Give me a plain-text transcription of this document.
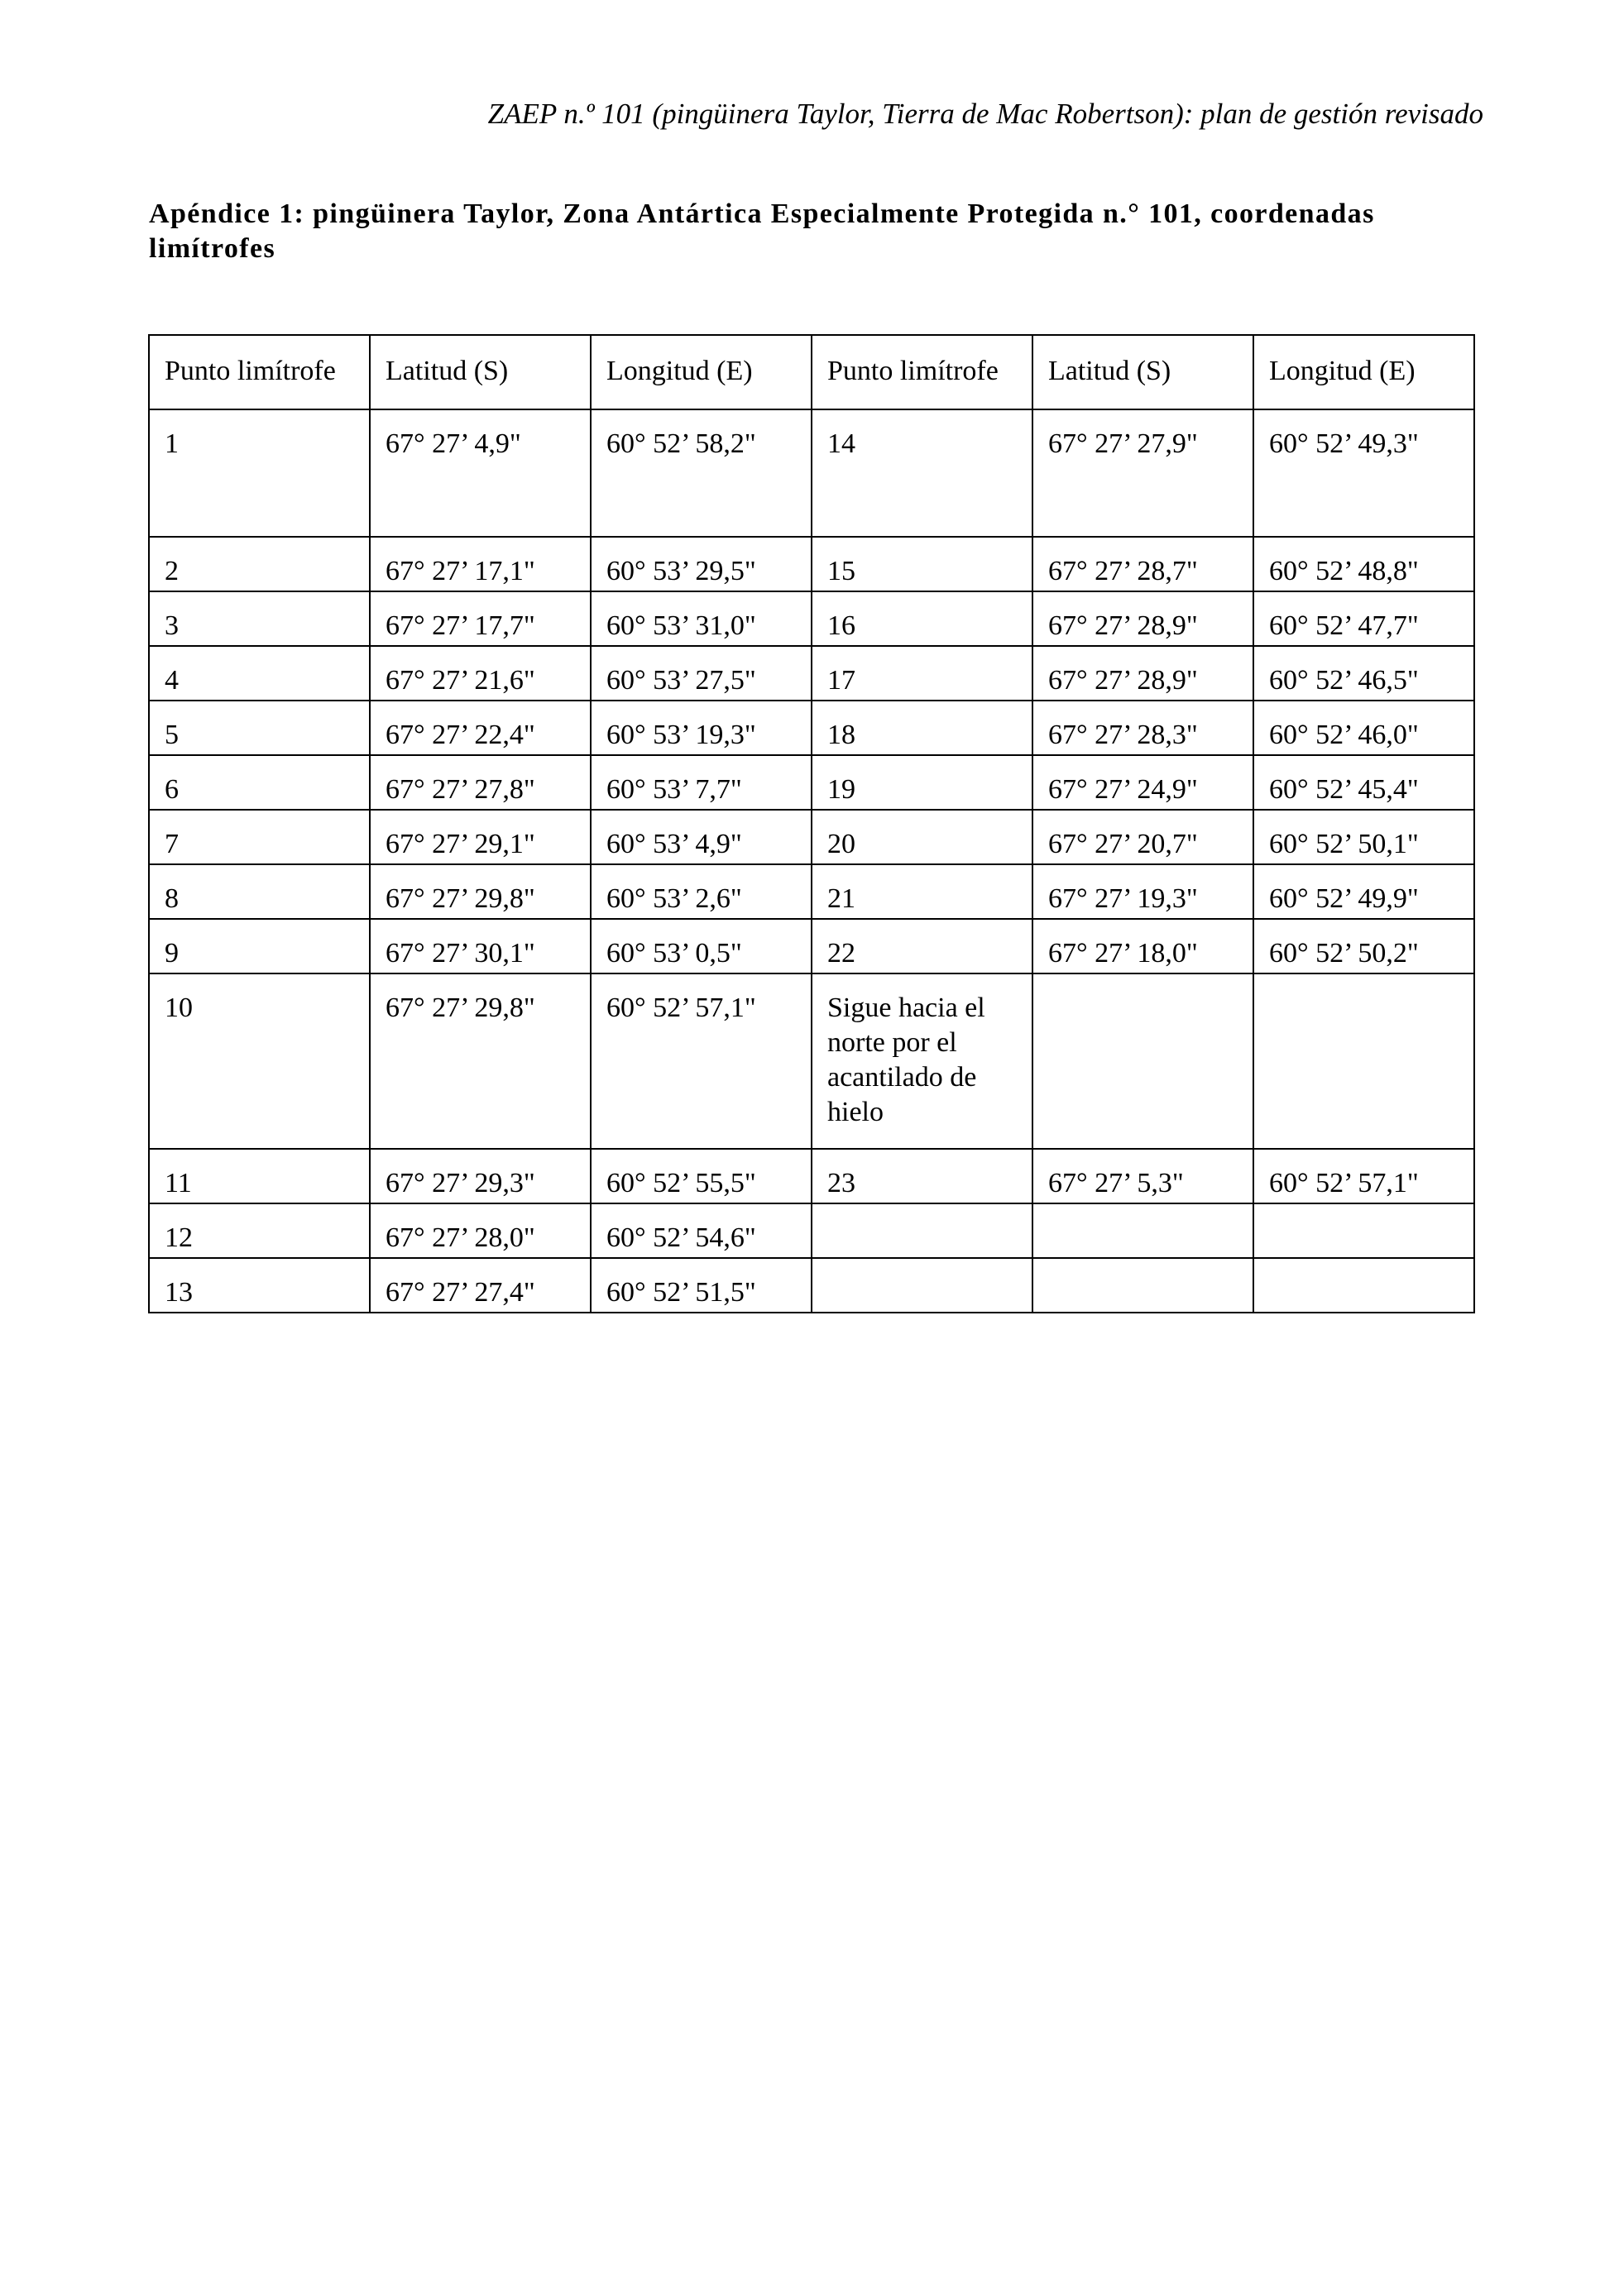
ZAEP n.º 101 (pingüinera Taylor, Tierra de Mac Robertson): plan de gestión revisado
Apéndice 1: pingüinera Taylor, Zona Antártica Especialmente Protegida n.° 101, coordenadas limítrofes
Punto limítrofe	Latitud (S)	Longitud (E)	Punto limítrofe	Latitud (S)	Longitud (E)
1	67° 27’ 4,9"	60° 52’ 58,2"	14	67° 27’ 27,9"	60° 52’ 49,3"
2	67° 27’ 17,1"	60° 53’ 29,5"	15	67° 27’ 28,7"	60° 52’ 48,8"
3	67° 27’ 17,7"	60° 53’ 31,0"	16	67° 27’ 28,9"	60° 52’ 47,7"
4	67° 27’ 21,6"	60° 53’ 27,5"	17	67° 27’ 28,9"	60° 52’ 46,5"
5	67° 27’ 22,4"	60° 53’ 19,3"	18	67° 27’ 28,3"	60° 52’ 46,0"
6	67° 27’ 27,8"	60° 53’ 7,7"	19	67° 27’ 24,9"	60° 52’ 45,4"
7	67° 27’ 29,1"	60° 53’ 4,9"	20	67° 27’ 20,7"	60° 52’ 50,1"
8	67° 27’ 29,8"	60° 53’ 2,6"	21	67° 27’ 19,3"	60° 52’ 49,9"
9	67° 27’ 30,1"	60° 53’ 0,5"	22	67° 27’ 18,0"	60° 52’ 50,2"
10	67° 27’ 29,8"	60° 52’ 57,1"	Sigue hacia el norte por el acantilado de hielo		
11	67° 27’ 29,3"	60° 52’ 55,5"	23	67° 27’ 5,3"	60° 52’ 57,1"
12	67° 27’ 28,0"	60° 52’ 54,6"			
13	67° 27’ 27,4"	60° 52’ 51,5"			
